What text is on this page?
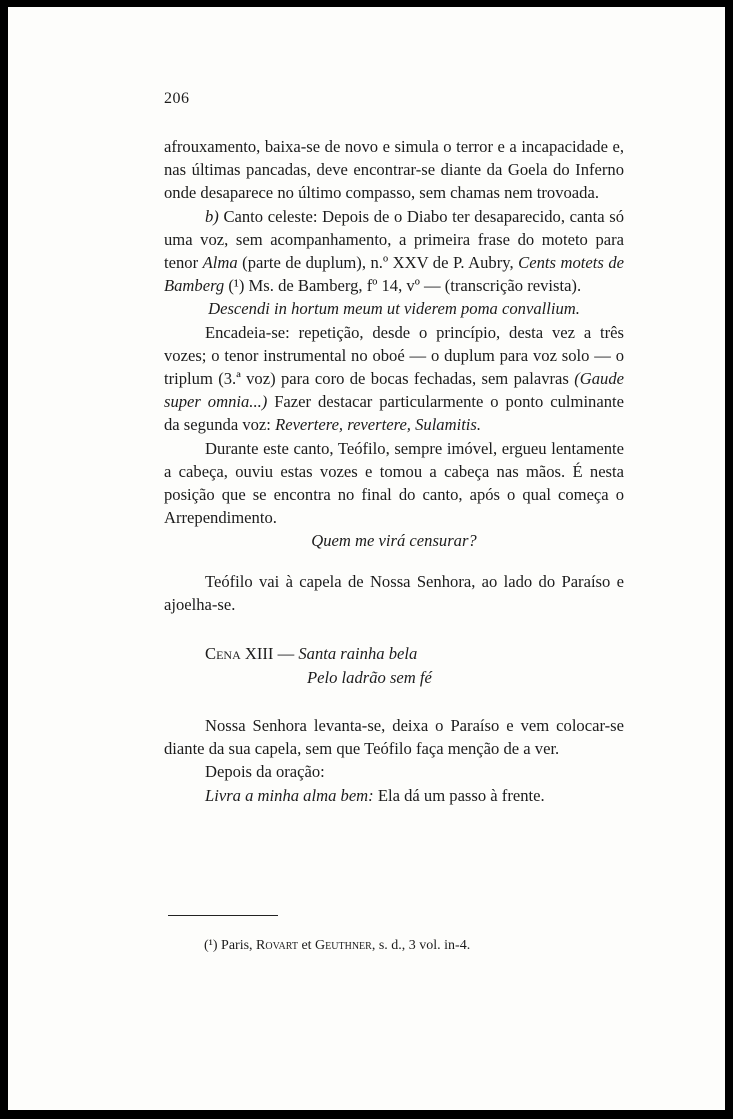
206

afrouxamento, baixa-se de novo e simula o terror e a incapacidade e, nas últimas pancadas, deve encontrar-se diante da Goela do Inferno onde desaparece no último compasso, sem chamas nem trovoada.

b) Canto celeste: Depois de o Diabo ter desaparecido, canta só uma voz, sem acompanhamento, a primeira frase do moteto para tenor Alma (parte de duplum), n.º XXV de P. Aubry, Cents motets de Bamberg (¹) Ms. de Bamberg, fº 14, vº — (transcrição revista).

Descendi in hortum meum ut viderem poma convallium.

Encadeia-se: repetição, desde o princípio, desta vez a três vozes; o tenor instrumental no oboé — o duplum para voz solo — o triplum (3.ª voz) para coro de bocas fechadas, sem palavras (Gaude super omnia...) Fazer destacar particularmente o ponto culminante da segunda voz: Revertere, revertere, Sulamitis.

Durante este canto, Teófilo, sempre imóvel, ergueu lentamente a cabeça, ouviu estas vozes e tomou a cabeça nas mãos. É nesta posição que se encontra no final do canto, após o qual começa o Arrependimento.

Quem me virá censurar?

Teófilo vai à capela de Nossa Senhora, ao lado do Paraíso e ajoelha-se.

Cena XIII — Santa rainha bela
Pelo ladrão sem fé

Nossa Senhora levanta-se, deixa o Paraíso e vem colocar-se diante da sua capela, sem que Teófilo faça menção de a ver.

Depois da oração:

Livra a minha alma bem: Ela dá um passo à frente.

(¹) Paris, Rovart et Geuthner, s. d., 3 vol. in-4.
